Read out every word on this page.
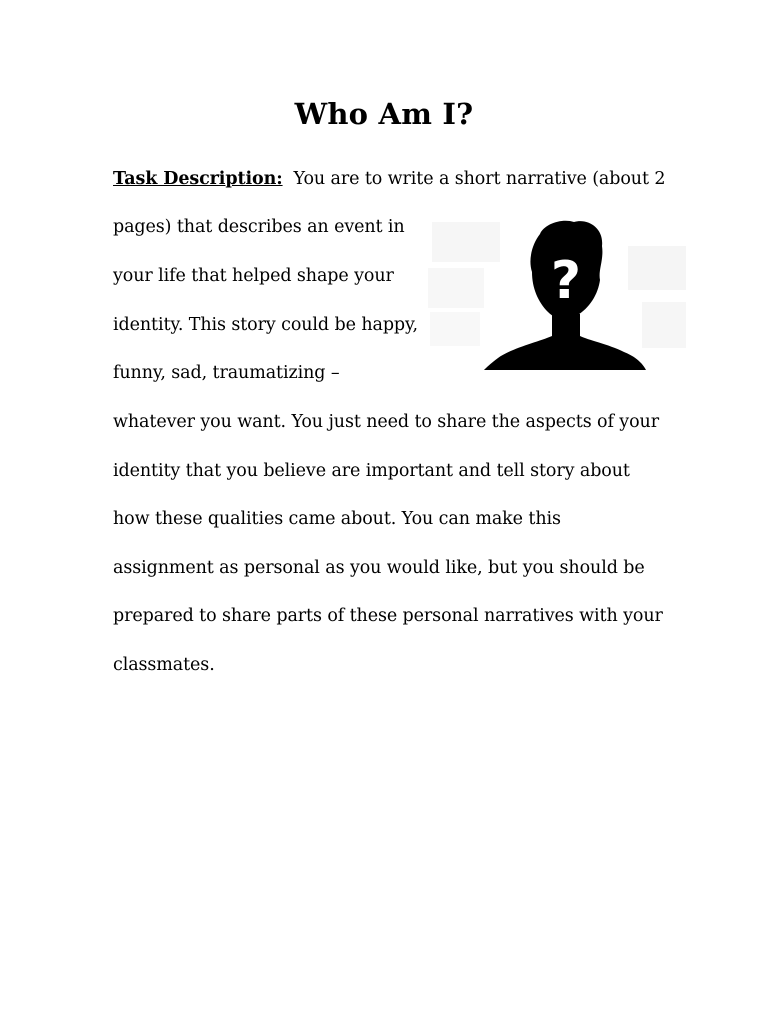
Who Am I?

Task Description: You are to write a short narrative (about 2

pages) that describes an event in

your life that helped shape your

identity. This story could be happy,

funny, sad, traumatizing –

whatever you want. You just need to share the aspects of your

identity that you believe are important and tell story about

how these qualities came about. You can make this

assignment as personal as you would like, but you should be

prepared to share parts of these personal narratives with your

classmates.

?
